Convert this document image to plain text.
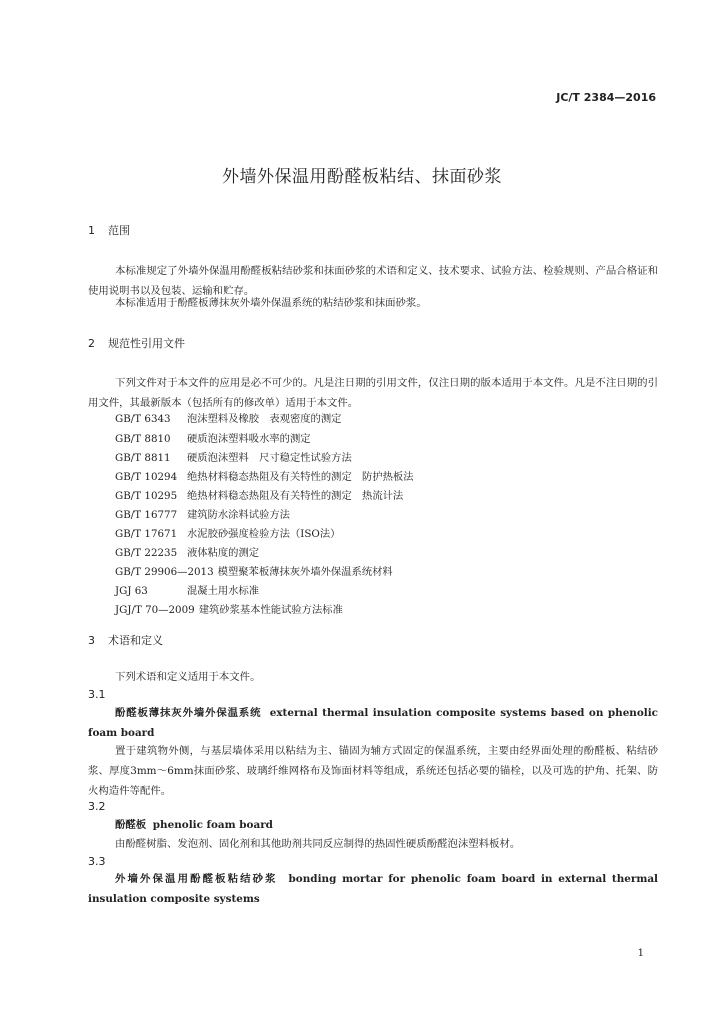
JC/T 2384—2016
外墙外保温用酚醛板粘结、抹面砂浆
1 范围
本标准规定了外墙外保温用酚醛板粘结砂浆和抹面砂浆的术语和定义、技术要求、试验方法、检验规则、产品合格证和使用说明书以及包装、运输和贮存。
本标准适用于酚醛板薄抹灰外墙外保温系统的粘结砂浆和抹面砂浆。
2 规范性引用文件
下列文件对于本文件的应用是必不可少的。凡是注日期的引用文件，仅注日期的版本适用于本文件。凡是不注日期的引用文件，其最新版本（包括所有的修改单）适用于本文件。
GB/T 6343 泡沫塑料及橡胶　表观密度的测定
GB/T 8810 硬质泡沫塑料吸水率的测定
GB/T 8811 硬质泡沫塑料　尺寸稳定性试验方法
GB/T 10294 绝热材料稳态热阻及有关特性的测定　防护热板法
GB/T 10295 绝热材料稳态热阻及有关特性的测定　热流计法
GB/T 16777 建筑防水涂料试验方法
GB/T 17671 水泥胶砂强度检验方法（ISO法）
GB/T 22235 液体粘度的测定
GB/T 29906—2013 模塑聚苯板薄抹灰外墙外保温系统材料
JGJ 63	混凝土用水标准
JGJ/T 70—2009 建筑砂浆基本性能试验方法标准
3 术语和定义
下列术语和定义适用于本文件。
3.1
酚醛板薄抹灰外墙外保温系统 external thermal insulation composite systems based on phenolic foam board
置于建筑物外侧，与基层墙体采用以粘结为主、锚固为辅方式固定的保温系统，主要由经界面处理的酚醛板、粘结砂浆、厚度3mm～6mm抹面砂浆、玻璃纤维网格布及饰面材料等组成，系统还包括必要的锚栓，以及可选的护角、托架、防火构造件等配件。
3.2
酚醛板 phenolic foam board
由酚醛树脂、发泡剂、固化剂和其他助剂共同反应制得的热固性硬质酚醛泡沫塑料板材。
3.3
外墙外保温用酚醛板粘结砂浆 bonding mortar for phenolic foam board in external thermal insulation composite systems
1
